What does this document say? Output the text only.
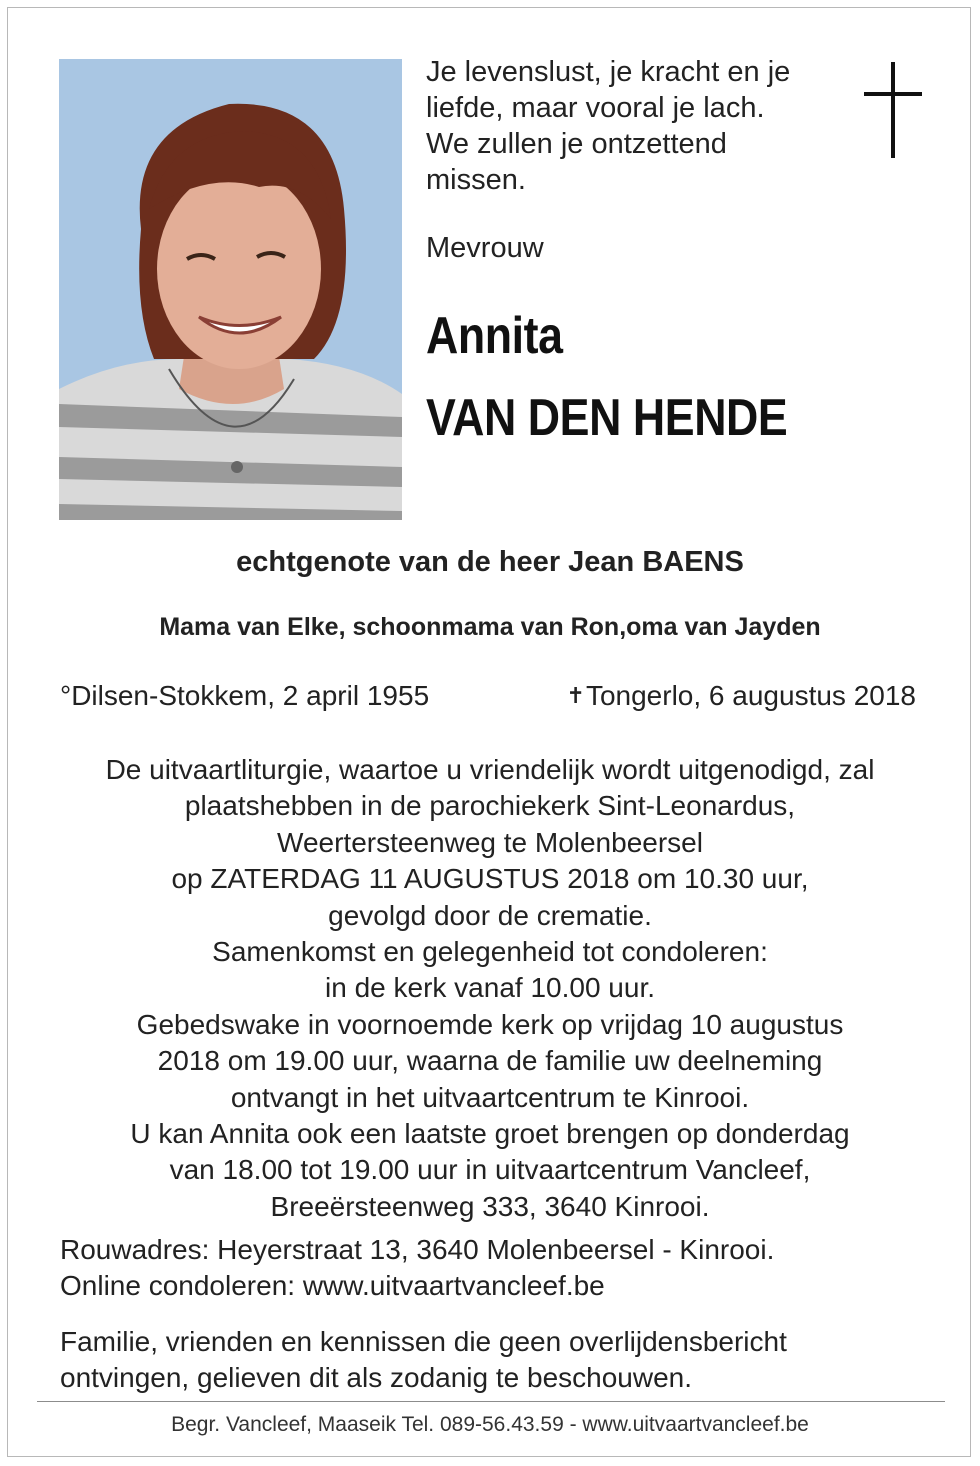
Je levenslust, je kracht en je
liefde, maar vooral je lach.
We zullen je ontzettend
missen.
Mevrouw
Annita
VAN DEN HENDE
echtgenote van de heer Jean BAENS
Mama van Elke, schoonmama van Ron,oma van Jayden
°Dilsen-Stokkem, 2 april 1955	✝Tongerlo, 6 augustus 2018
De uitvaartliturgie, waartoe u vriendelijk wordt uitgenodigd, zal
plaatshebben in de parochiekerk Sint-Leonardus,
Weertersteenweg te Molenbeersel
op ZATERDAG 11 AUGUSTUS 2018 om 10.30 uur,
gevolgd door de crematie.
Samenkomst en gelegenheid tot condoleren:
in de kerk vanaf 10.00 uur.
Gebedswake in voornoemde kerk op vrijdag 10 augustus
2018 om 19.00 uur, waarna de familie uw deelneming
ontvangt in het uitvaartcentrum te Kinrooi.
U kan Annita ook een laatste groet brengen op donderdag
van 18.00 tot 19.00 uur in uitvaartcentrum Vancleef,
Breeërsteenweg 333, 3640 Kinrooi.
Rouwadres: Heyerstraat 13, 3640 Molenbeersel - Kinrooi.
Online condoleren: www.uitvaartvancleef.be
Familie, vrienden en kennissen die geen overlijdensbericht
ontvingen, gelieven dit als zodanig te beschouwen.
Begr. Vancleef, Maaseik Tel. 089-56.43.59 - www.uitvaartvancleef.be
